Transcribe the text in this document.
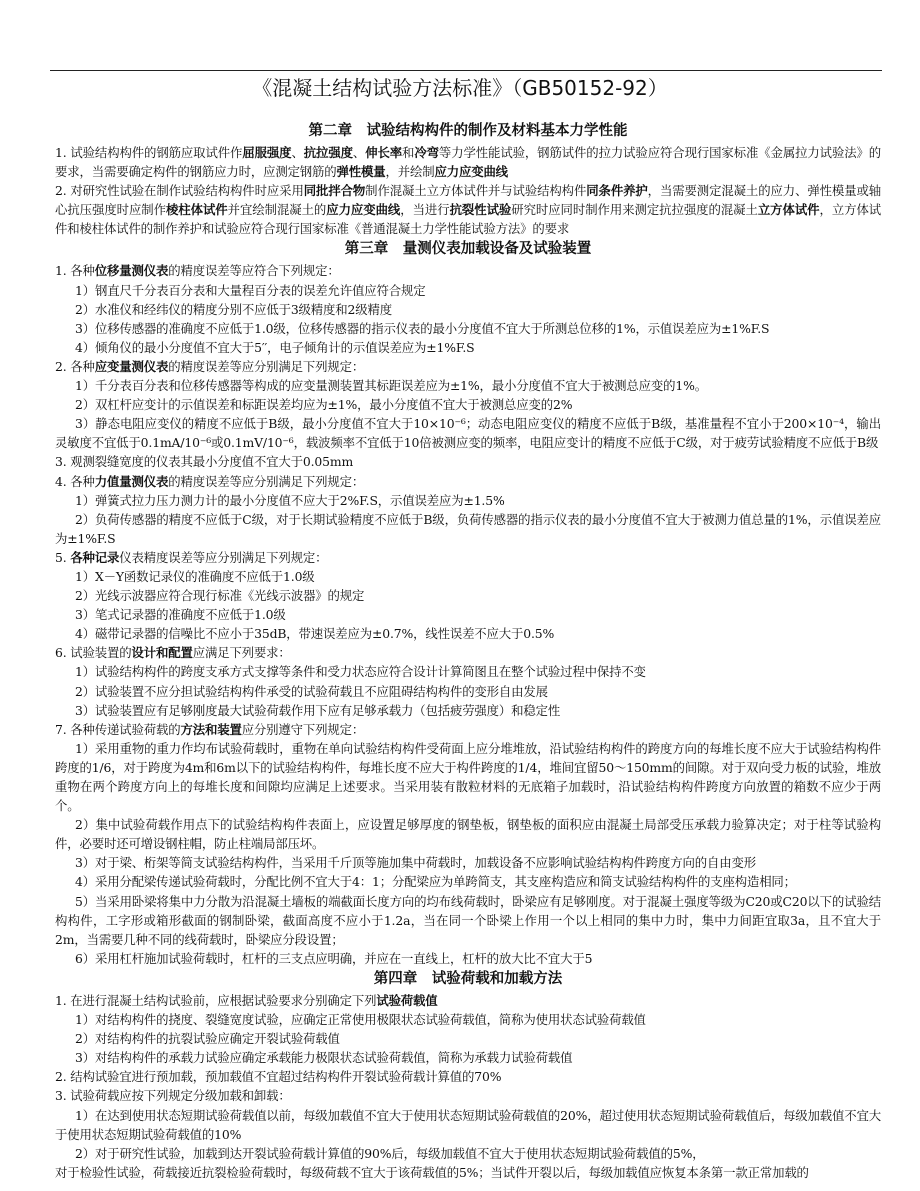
《混凝土结构试验方法标准》（GB50152-92）
第二章　试验结构构件的制作及材料基本力学性能
1. 试验结构构件的钢筋应取试件作屈服强度、抗拉强度、伸长率和冷弯等力学性能试验，钢筋试件的拉力试验应符合现行国家标准《金属拉力试验法》的要求，当需要确定构件的钢筋应力时，应测定钢筋的弹性模量，并绘制应力应变曲线
2. 对研究性试验在制作试验结构构件时应采用同批拌合物制作混凝土立方体试件并与试验结构构件同条件养护，当需要测定混凝土的应力、弹性模量或轴心抗压强度时应制作棱柱体试件并宜绘制混凝土的应力应变曲线，当进行抗裂性试验研究时应同时制作用来测定抗拉强度的混凝土立方体试件，立方体试件和棱柱体试件的制作养护和试验应符合现行国家标准《普通混凝土力学性能试验方法》的要求
第三章　量测仪表加载设备及试验装置
1. 各种位移量测仪表的精度误差等应符合下列规定：
1）钢直尺千分表百分表和大量程百分表的误差允许值应符合规定
2）水准仪和经纬仪的精度分别不应低于3级精度和2级精度
3）位移传感器的准确度不应低于1.0级，位移传感器的指示仪表的最小分度值不宜大于所测总位移的1%，示值误差应为±1%F.S
4）倾角仪的最小分度值不宜大于5′′，电子倾角计的示值误差应为±1%F.S
2. 各种应变量测仪表的精度误差等应分别满足下列规定：
1）千分表百分表和位移传感器等构成的应变量测装置其标距误差应为±1%，最小分度值不宜大于被测总应变的1%。
2）双杠杆应变计的示值误差和标距误差均应为±1%，最小分度值不宜大于被测总应变的2%
3）静态电阻应变仪的精度不应低于B级，最小分度值不宜大于10×10⁻⁶；动态电阻应变仪的精度不应低于B级，基准量程不宜小于200×10⁻⁴，输出灵敏度不宜低于0.1mA/10⁻⁶或0.1mV/10⁻⁶，载波频率不宜低于10倍被测应变的频率，电阻应变计的精度不应低于C级，对于疲劳试验精度不应低于B级
3. 观测裂缝宽度的仪表其最小分度值不宜大于0.05mm
4. 各种力值量测仪表的精度误差等应分别满足下列规定：
1）弹簧式拉力压力测力计的最小分度值不应大于2%F.S，示值误差应为±1.5%
2）负荷传感器的精度不应低于C级，对于长期试验精度不应低于B级，负荷传感器的指示仪表的最小分度值不宜大于被测力值总量的1%，示值误差应为±1%F.S
5. 各种记录仪表精度误差等应分别满足下列规定：
1）X－Y函数记录仪的准确度不应低于1.0级
2）光线示波器应符合现行标准《光线示波器》的规定
3）笔式记录器的准确度不应低于1.0级
4）磁带记录器的信噪比不应小于35dB，带速误差应为±0.7%，线性误差不应大于0.5%
6. 试验装置的设计和配置应满足下列要求：
1）试验结构构件的跨度支承方式支撑等条件和受力状态应符合设计计算简图且在整个试验过程中保持不变
2）试验装置不应分担试验结构构件承受的试验荷载且不应阻碍结构构件的变形自由发展
3）试验装置应有足够刚度最大试验荷载作用下应有足够承载力（包括疲劳强度）和稳定性
7. 各种传递试验荷载的方法和装置应分别遵守下列规定：
1）采用重物的重力作均布试验荷载时，重物在单向试验结构构件受荷面上应分堆堆放，沿试验结构构件的跨度方向的每堆长度不应大于试验结构构件跨度的1/6，对于跨度为4m和6m以下的试验结构构件，每堆长度不应大于构件跨度的1/4，堆间宜留50～150mm的间隙。对于双向受力板的试验，堆放重物在两个跨度方向上的每堆长度和间隙均应满足上述要求。当采用装有散粒材料的无底箱子加载时，沿试验结构构件跨度方向放置的箱数不应少于两个。
2）集中试验荷载作用点下的试验结构构件表面上，应设置足够厚度的钢垫板，钢垫板的面积应由混凝土局部受压承载力验算决定；对于柱等试验构件，必要时还可增设钢柱帽，防止柱端局部压坏。
3）对于梁、桁架等简支试验结构构件，当采用千斤顶等施加集中荷载时，加载设备不应影响试验结构构件跨度方向的自由变形
4）采用分配梁传递试验荷载时，分配比例不宜大于4：1；分配梁应为单跨简支，其支座构造应和简支试验结构构件的支座构造相同；
5）当采用卧梁将集中力分散为沿混凝土墙板的端截面长度方向的均布线荷载时，卧梁应有足够刚度。对于混凝土强度等级为C20或C20以下的试验结构构件，工字形或箱形截面的钢制卧梁，截面高度不应小于1.2a，当在同一个卧梁上作用一个以上相同的集中力时，集中力间距宜取3a，且不宜大于2m，当需要几种不同的线荷载时，卧梁应分段设置；
6）采用杠杆施加试验荷载时，杠杆的三支点应明确，并应在一直线上，杠杆的放大比不宜大于5
第四章　试验荷载和加载方法
1. 在进行混凝土结构试验前，应根据试验要求分别确定下列试验荷载值
1）对结构构件的挠度、裂缝宽度试验，应确定正常使用极限状态试验荷载值，简称为使用状态试验荷载值
2）对结构构件的抗裂试验应确定开裂试验荷载值
3）对结构构件的承载力试验应确定承载能力极限状态试验荷载值，简称为承载力试验荷载值
2. 结构试验宜进行预加载，预加载值不宜超过结构构件开裂试验荷载计算值的70%
3. 试验荷载应按下列规定分级加载和卸载：
1）在达到使用状态短期试验荷载值以前，每级加载值不宜大于使用状态短期试验荷载值的20%，超过使用状态短期试验荷载值后，每级加载值不宜大于使用状态短期试验荷载值的10%
2）对于研究性试验，加载到达开裂试验荷载计算值的90%后，每级加载值不宜大于使用状态短期试验荷载值的5%，
对于检验性试验，荷载接近抗裂检验荷载时，每级荷载不宜大于该荷载值的5%；当试件开裂以后，每级加载值应恢复本条第一款正常加载的
